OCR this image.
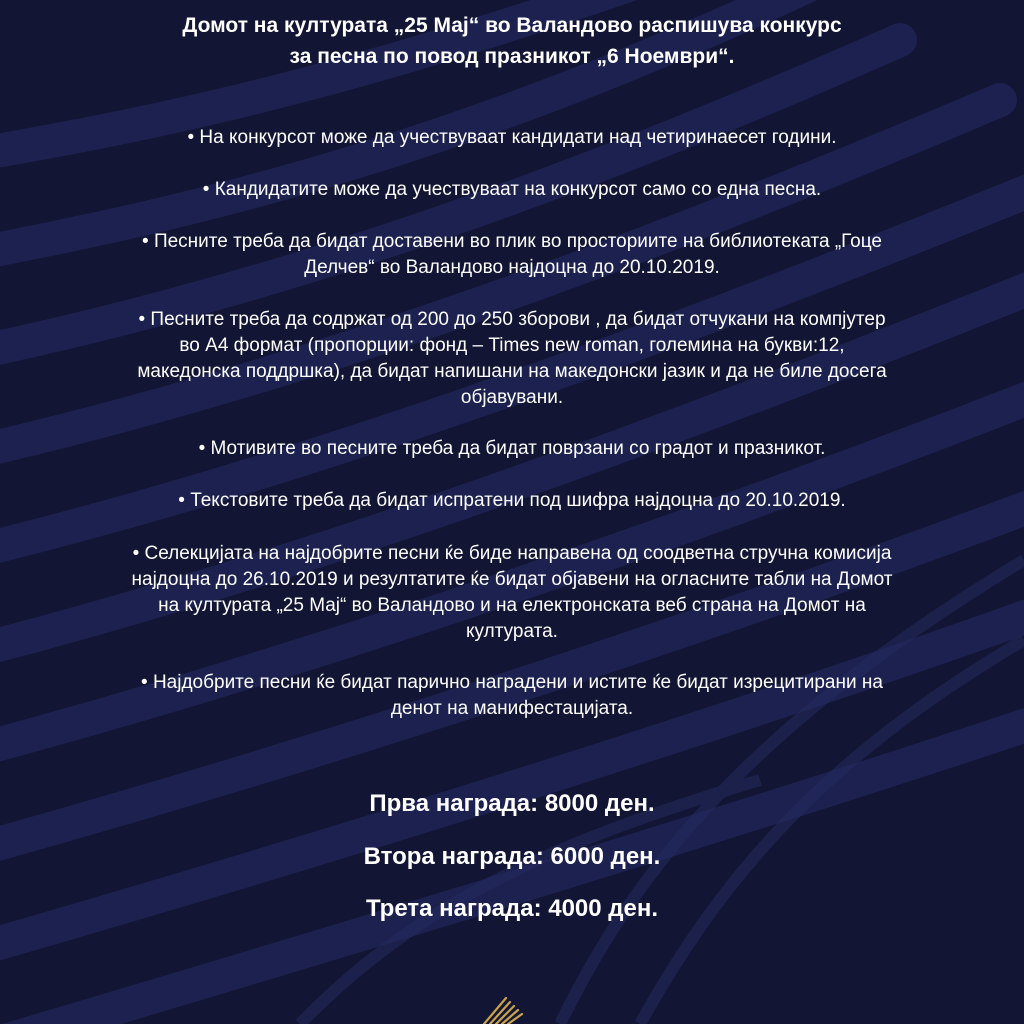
Домот на културата „25 Мај“ во Валандово распишува конкурс
за песна по повод празникот „6 Ноември“.

• На конкурсот може да учествуваат кандидати над четиринаесет години.

• Кандидатите може да учествуваат на конкурсот само со една песна.

• Песните треба да бидат доставени во плик во просториите на библиотеката „Гоце
Делчев“ во Валандово најдоцна до 20.10.2019.

• Песните треба да содржат од 200 до 250 зборови , да бидат отчукани на компјутер
во А4 формат (пропорции: фонд – Times new roman, големина на букви:12,
македонска поддршка), да бидат напишани на македонски јазик и да не биле досега
објавувани.

• Мотивите во песните треба да бидат поврзани со градот и празникот.

• Текстовите треба да бидат испратени под шифра најдоцна до 20.10.2019.

• Селекцијата на најдобрите песни ќе биде направена од соодветна стручна комисија
најдоцна до 26.10.2019 и резултатите ќе бидат објавени на огласните табли на Домот
на културата „25 Мај“ во Валандово и на електронската веб страна на Домот на
културата.

• Најдобрите песни ќе бидат парично наградени и истите ќе бидат изрецитирани на
денот на манифестацијата.

Прва награда: 8000 ден.

Втора награда: 6000 ден.

Трета награда: 4000 ден.
